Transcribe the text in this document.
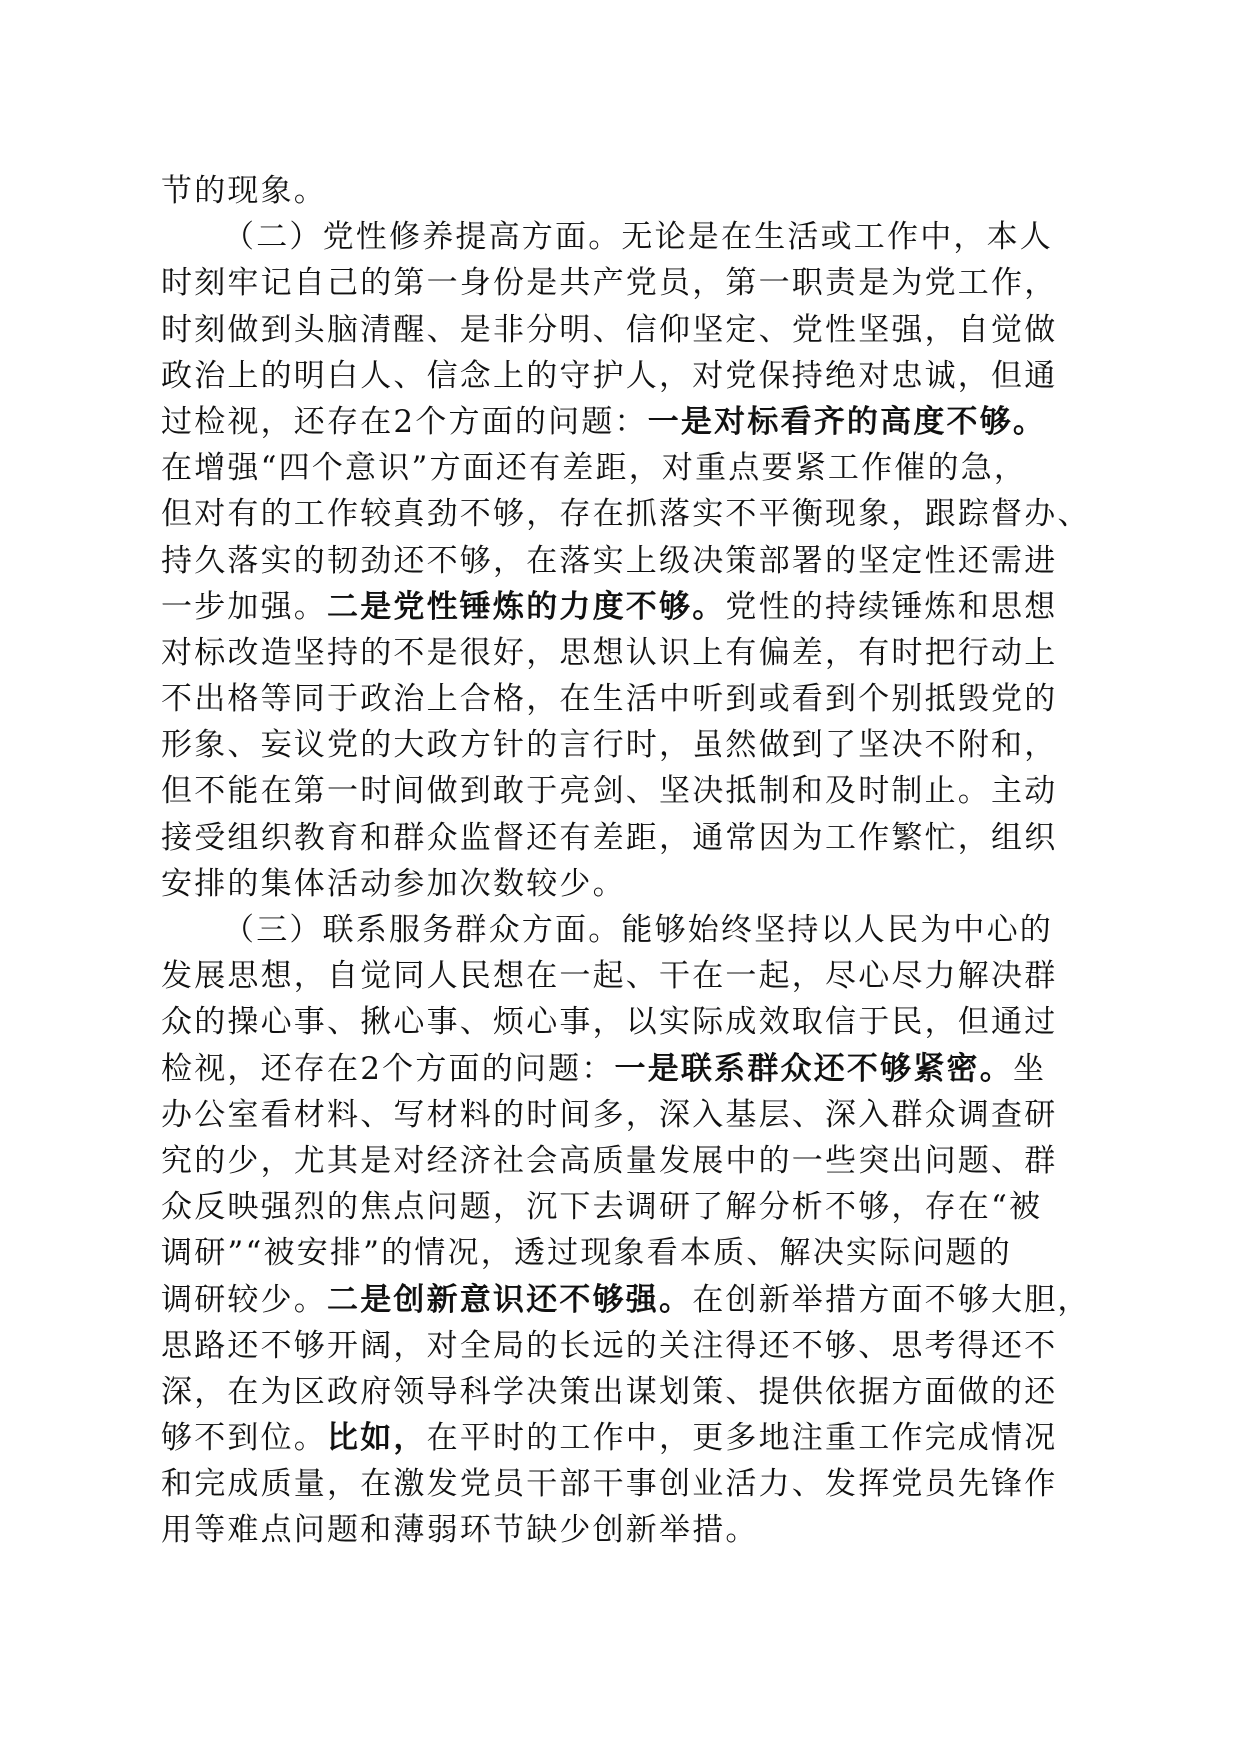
节的现象。
（二）党性修养提高方面。无论是在生活或工作中，本人
时刻牢记自己的第一身份是共产党员，第一职责是为党工作，
时刻做到头脑清醒、是非分明、信仰坚定、党性坚强，自觉做
政治上的明白人、信念上的守护人，对党保持绝对忠诚，但通
过检视，还存在2个方面的问题：一是对标看齐的高度不够。
在增强“四个意识”方面还有差距，对重点要紧工作催的急，
但对有的工作较真劲不够，存在抓落实不平衡现象，跟踪督办、
持久落实的韧劲还不够，在落实上级决策部署的坚定性还需进
一步加强。二是党性锤炼的力度不够。党性的持续锤炼和思想
对标改造坚持的不是很好，思想认识上有偏差，有时把行动上
不出格等同于政治上合格，在生活中听到或看到个别抵毁党的
形象、妄议党的大政方针的言行时，虽然做到了坚决不附和，
但不能在第一时间做到敢于亮剑、坚决抵制和及时制止。主动
接受组织教育和群众监督还有差距，通常因为工作繁忙，组织
安排的集体活动参加次数较少。
（三）联系服务群众方面。能够始终坚持以人民为中心的
发展思想，自觉同人民想在一起、干在一起，尽心尽力解决群
众的操心事、揪心事、烦心事，以实际成效取信于民，但通过
检视，还存在2个方面的问题：一是联系群众还不够紧密。坐
办公室看材料、写材料的时间多，深入基层、深入群众调查研
究的少，尤其是对经济社会高质量发展中的一些突出问题、群
众反映强烈的焦点问题，沉下去调研了解分析不够，存在“被
调研”“被安排”的情况，透过现象看本质、解决实际问题的
调研较少。二是创新意识还不够强。在创新举措方面不够大胆，
思路还不够开阔，对全局的长远的关注得还不够、思考得还不
深，在为区政府领导科学决策出谋划策、提供依据方面做的还
够不到位。比如，在平时的工作中，更多地注重工作完成情况
和完成质量，在激发党员干部干事创业活力、发挥党员先锋作
用等难点问题和薄弱环节缺少创新举措。
